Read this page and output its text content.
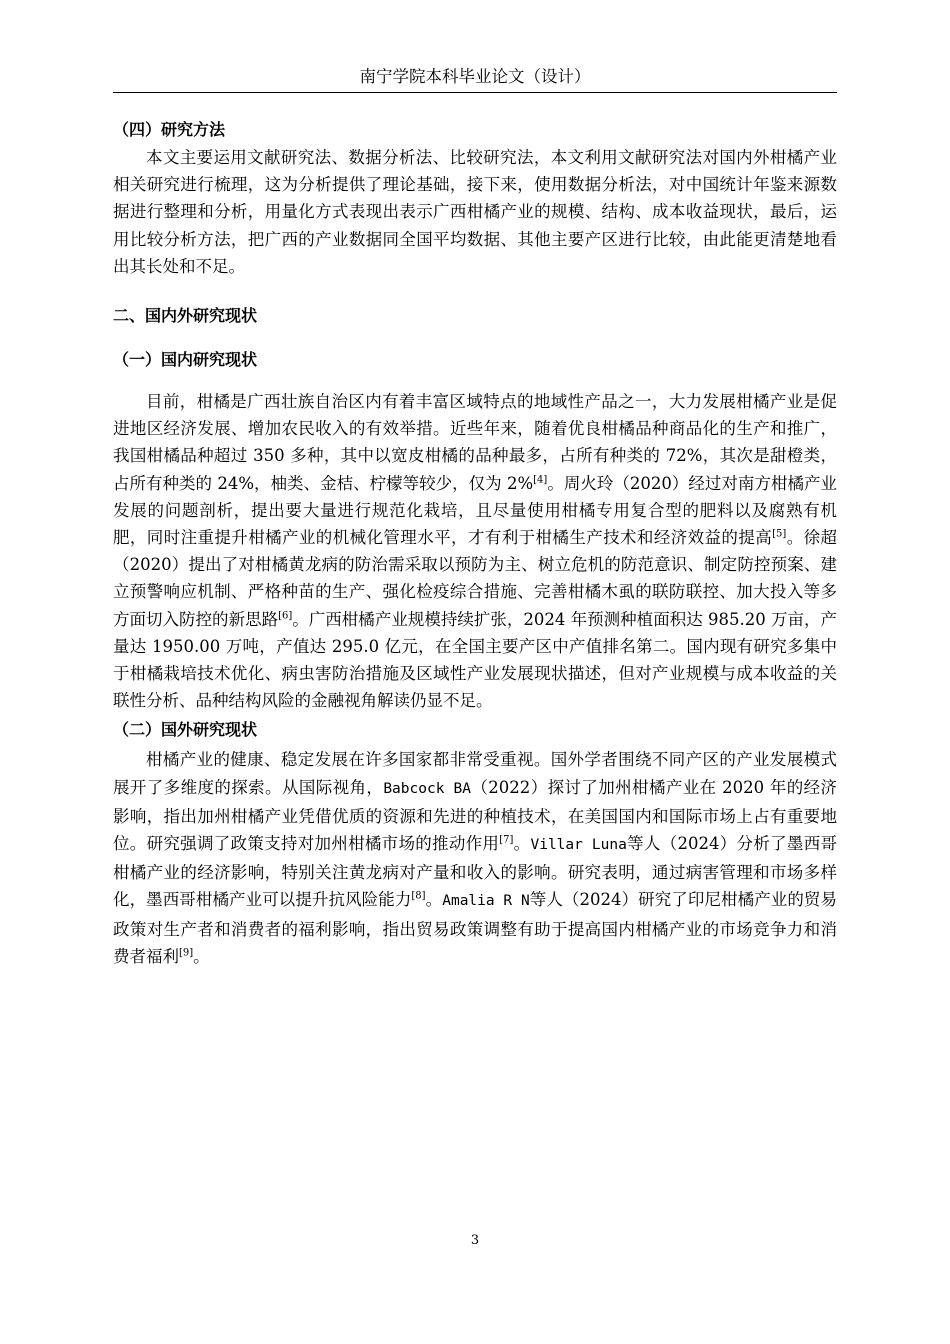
南宁学院本科毕业论文（设计）
（四）研究方法

本文主要运用文献研究法、数据分析法、比较研究法，本文利用文献研究法对国内外柑橘产业相关研究进行梳理，这为分析提供了理论基础，接下来，使用数据分析法，对中国统计年鉴来源数据进行整理和分析，用量化方式表现出表示广西柑橘产业的规模、结构、成本收益现状，最后，运用比较分析方法，把广西的产业数据同全国平均数据、其他主要产区进行比较，由此能更清楚地看出其长处和不足。

二、国内外研究现状
（一）国内研究现状

目前，柑橘是广西壮族自治区内有着丰富区域特点的地域性产品之一，大力发展柑橘产业是促进地区经济发展、增加农民收入的有效举措。近些年来，随着优良柑橘品种商品化的生产和推广，我国柑橘品种超过 350 多种，其中以宽皮柑橘的品种最多，占所有种类的 72%，其次是甜橙类，占所有种类的 24%，柚类、金桔、柠檬等较少，仅为 2%[4]。周火玲（2020）经过对南方柑橘产业发展的问题剖析，提出要大量进行规范化栽培，且尽量使用柑橘专用复合型的肥料以及腐熟有机肥，同时注重提升柑橘产业的机械化管理水平，才有利于柑橘生产技术和经济效益的提高[5]。徐超（2020）提出了对柑橘黄龙病的防治需采取以预防为主、树立危机的防范意识、制定防控预案、建立预警响应机制、严格种苗的生产、强化检疫综合措施、完善柑橘木虱的联防联控、加大投入等多方面切入防控的新思路[6]。广西柑橘产业规模持续扩张，2024 年预测种植面积达 985.20 万亩，产量达 1950.00 万吨，产值达 295.0 亿元，在全国主要产区中产值排名第二。国内现有研究多集中于柑橘栽培技术优化、病虫害防治措施及区域性产业发展现状描述，但对产业规模与成本收益的关联性分析、品种结构风险的金融视角解读仍显不足。

（二）国外研究现状

柑橘产业的健康、稳定发展在许多国家都非常受重视。国外学者围绕不同产区的产业发展模式展开了多维度的探索。从国际视角，Babcock BA（2022）探讨了加州柑橘产业在 2020 年的经济影响，指出加州柑橘产业凭借优质的资源和先进的种植技术，在美国国内和国际市场上占有重要地位。研究强调了政策支持对加州柑橘市场的推动作用[7]。Villar Luna等人（2024）分析了墨西哥柑橘产业的经济影响，特别关注黄龙病对产量和收入的影响。研究表明，通过病害管理和市场多样化，墨西哥柑橘产业可以提升抗风险能力[8]。Amalia R N等人（2024）研究了印尼柑橘产业的贸易政策对生产者和消费者的福利影响，指出贸易政策调整有助于提高国内柑橘产业的市场竞争力和消费者福利[9]。

3
